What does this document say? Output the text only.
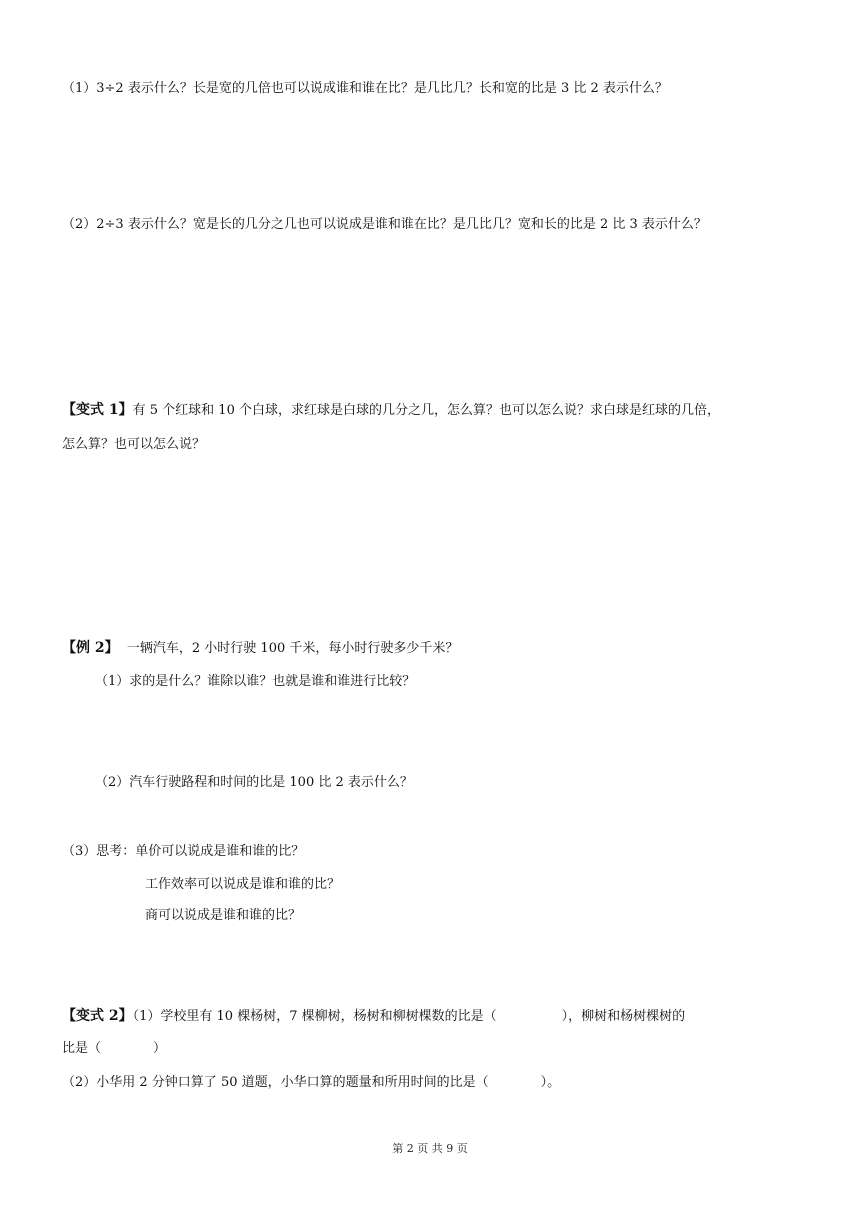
（1）3÷2 表示什么？长是宽的几倍也可以说成谁和谁在比？是几比几？长和宽的比是 3 比 2 表示什么？
（2）2÷3 表示什么？宽是长的几分之几也可以说成是谁和谁在比？是几比几？宽和长的比是 2 比 3 表示什么？
【变式 1】有 5 个红球和 10 个白球，求红球是白球的几分之几，怎么算？也可以怎么说？求白球是红球的几倍，
怎么算？也可以怎么说？
【例 2】 一辆汽车，2 小时行驶 100 千米，每小时行驶多少千米？
（1）求的是什么？谁除以谁？也就是谁和谁进行比较？
（2）汽车行驶路程和时间的比是 100 比 2 表示什么？
（3）思考：单价可以说成是谁和谁的比？
工作效率可以说成是谁和谁的比？
商可以说成是谁和谁的比？
【变式 2】（1）学校里有 10 棵杨树，7 棵柳树，杨树和柳树棵数的比是（　　　　　），柳树和杨树棵树的
比是（　　　　）
（2）小华用 2 分钟口算了 50 道题，小华口算的题量和所用时间的比是（　　　　）。
第 2 页 共 9 页
